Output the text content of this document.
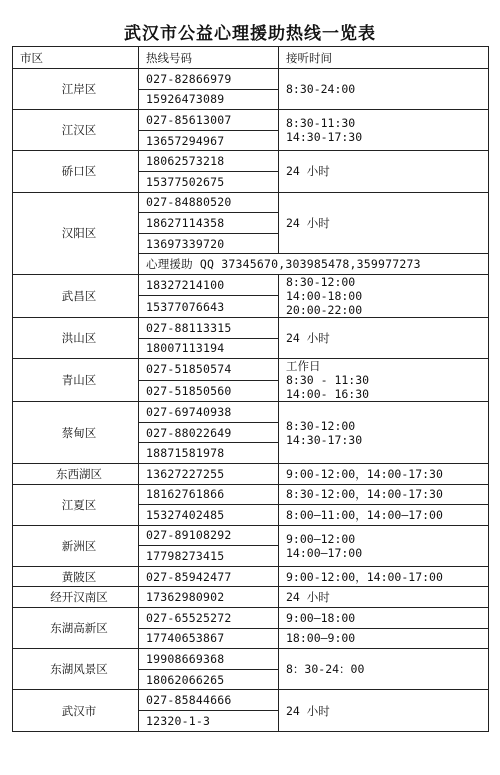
武汉市公益心理援助热线一览表
市区	热线号码	接听时间
江岸区	027-82866979	8:30-24:00

	15926473089	
江汉区	027-85613007	8:30-11:30
14:30-17:30

	13657294967	
硚口区	18062573218	24 小时

	15377502675	
汉阳区	027-84880520	24 小时

	18627114358	
	13697339720	
	心理援助 QQ 37345670,303985478,359977273	
武昌区	18327214100	8:30-12:00
14:00-18:00
20:00-22:00

	15377076643	
洪山区	027-88113315	24 小时

	18007113194	
青山区	027-51850574	工作日
8:30 - 11:30
14:00- 16:30

	027-51850560	
蔡甸区	027-69740938	8:30-12:00
14:30-17:30

	027-88022649	
	18871581978	
东西湖区	13627227255	9:00-12:00，14:00-17:30

江夏区	18162761866	8:30-12:00，14:00-17:30
	15327402485	8:00—11:00，14:00—17:00
新洲区	027-89108292	9:00—12:00
14:00—17:00

	17798273415	
黄陂区	027-85942477	9:00-12:00，14:00-17:00

经开汉南区	17362980902	24 小时

东湖高新区	027-65525272	9:00—18:00
	17740653867	18:00—9:00
东湖风景区	19908669368	8：30-24：00

	18062066265	
武汉市	027-85844666	24 小时

	12320-1-3	
